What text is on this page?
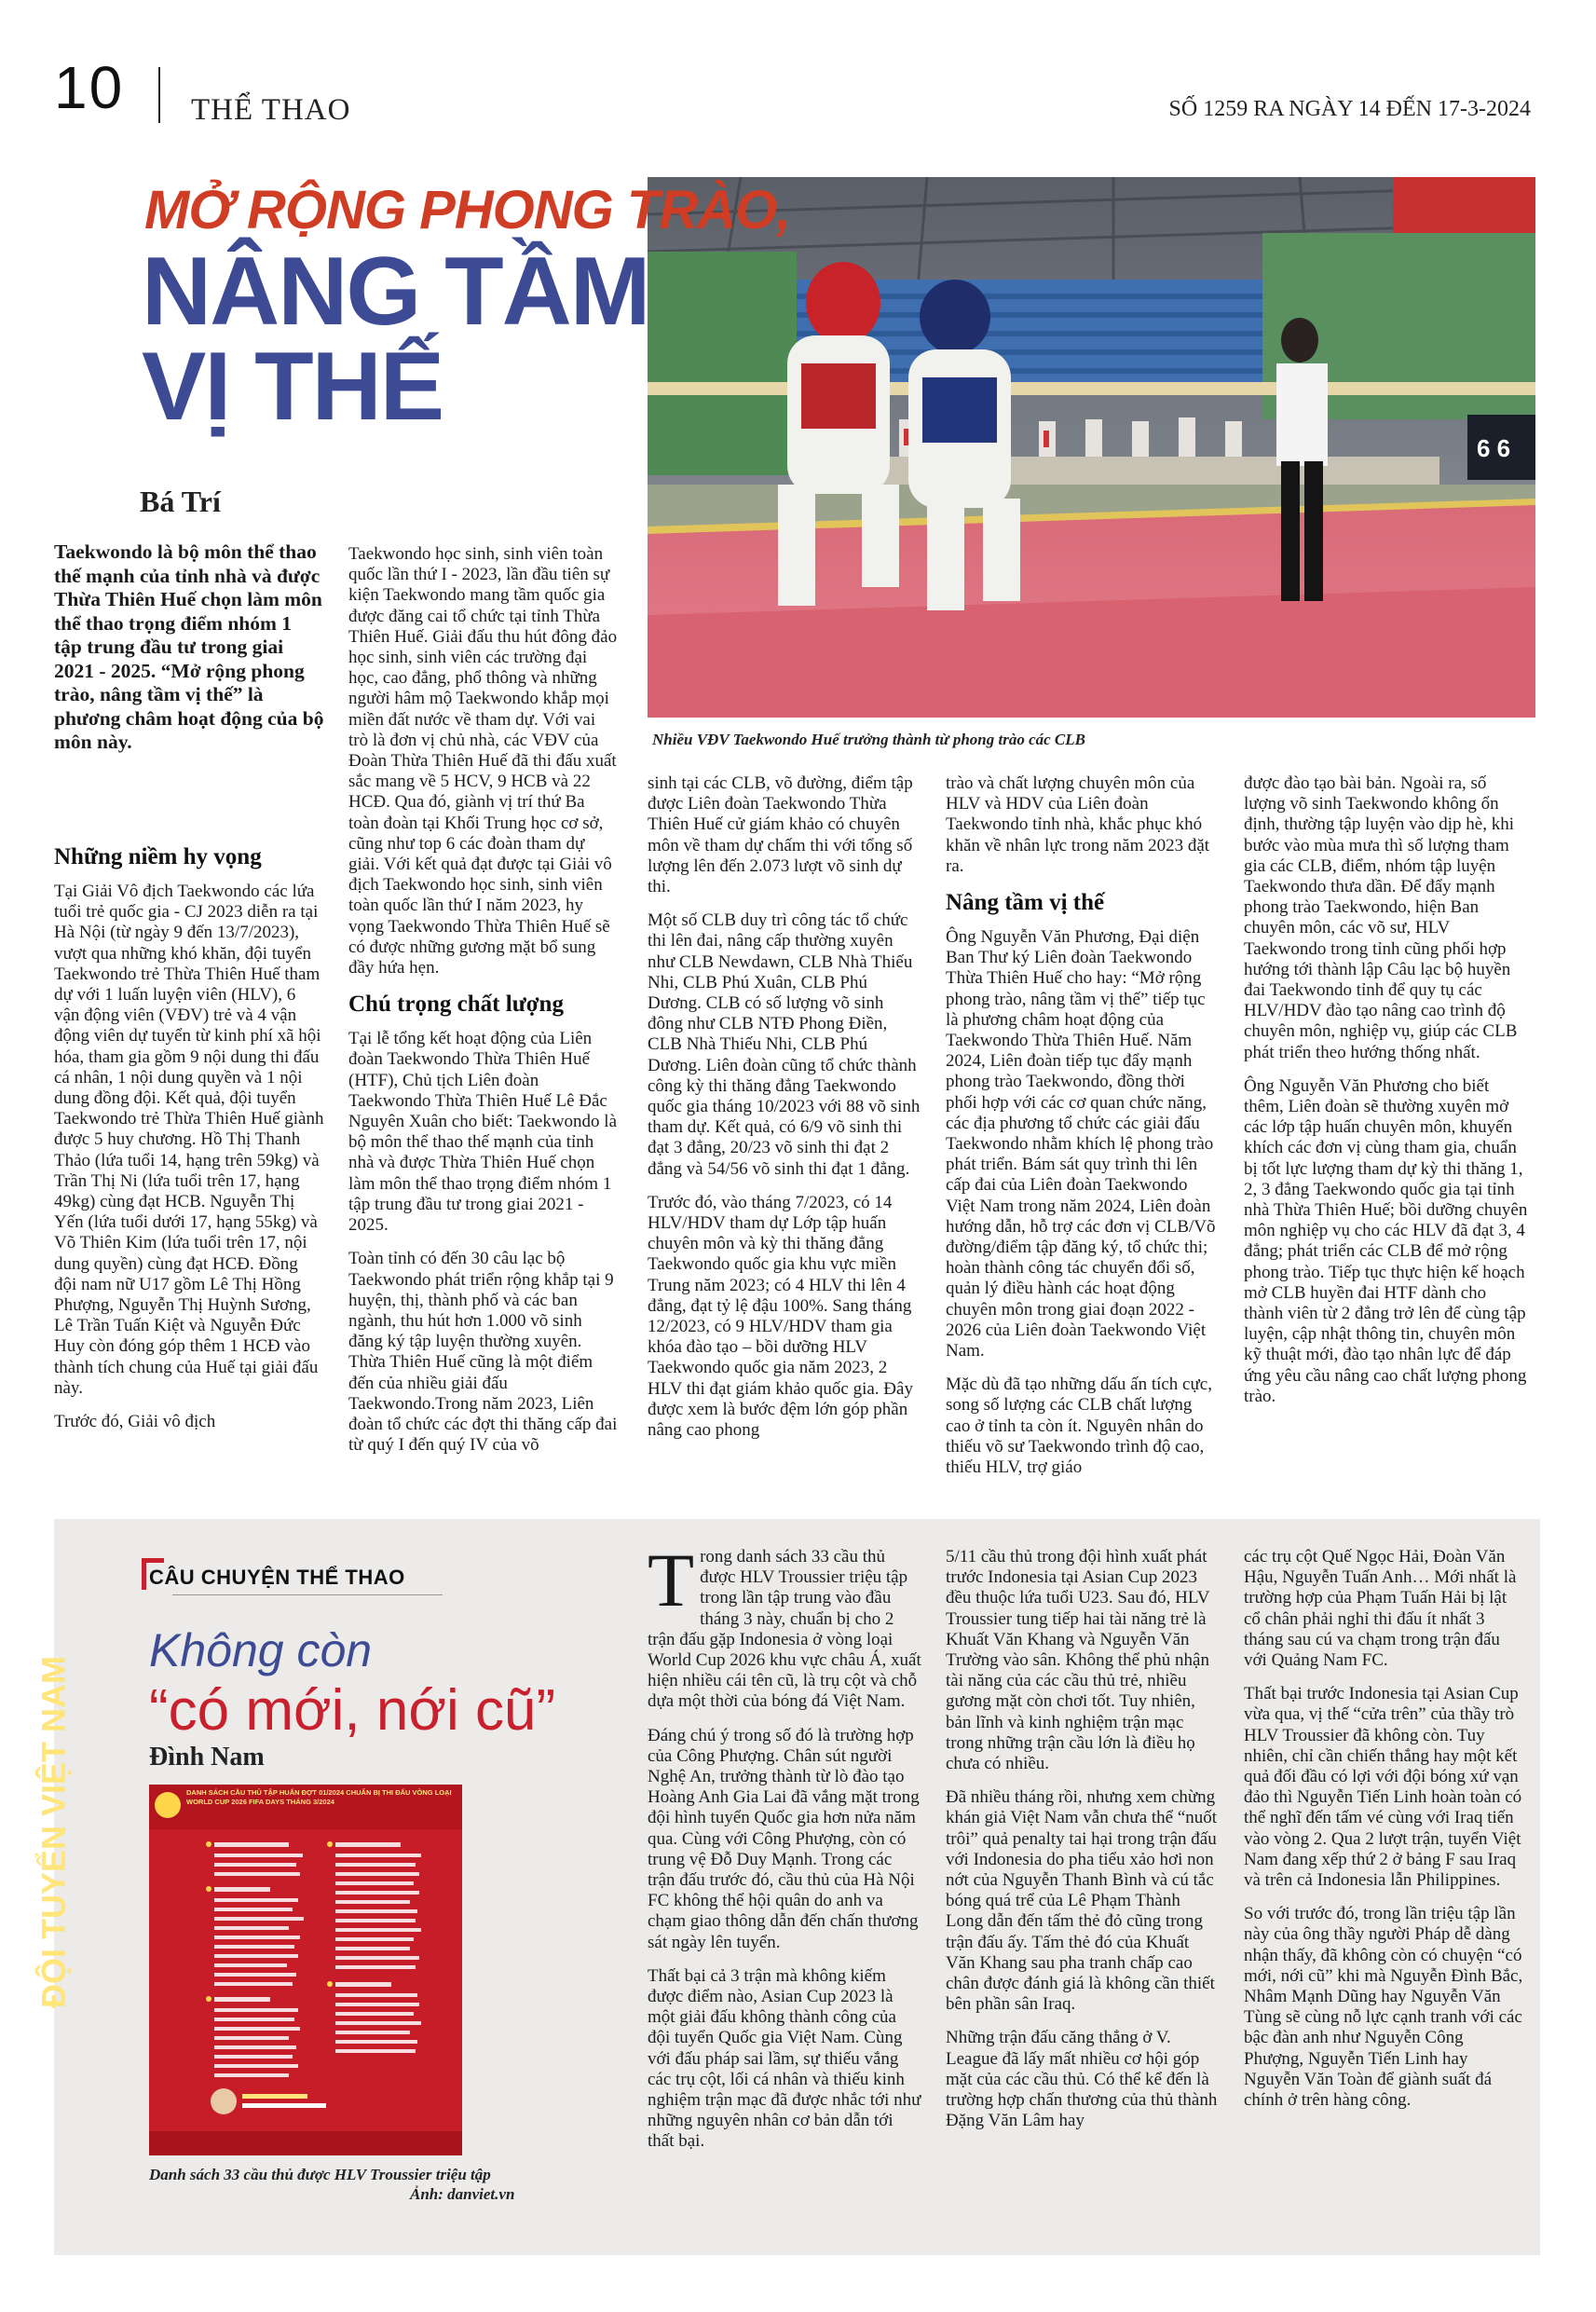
10 THỂ THAO	SỐ 1259 RA NGÀY 14 ĐẾN 17-3-2024
6 6
Nhiều VĐV Taekwondo Huế trưởng thành từ phong trào các CLB
MỞ RỘNG PHONG TRÀO,
NÂNG TẦM
VỊ THẾ
Bá Trí
Taekwondo là bộ môn thể thao thế mạnh của tỉnh nhà và được Thừa Thiên Huế chọn làm môn thể thao trọng điểm nhóm 1 tập trung đầu tư trong giai 2021 - 2025. “Mở rộng phong trào, nâng tầm vị thế” là phương châm hoạt động của bộ môn này.
Những niềm hy vọng

Tại Giải Vô địch Taekwondo các lứa tuổi trẻ quốc gia - CJ 2023 diễn ra tại Hà Nội (từ ngày 9 đến 13/7/2023), vượt qua những khó khăn, đội tuyển Taekwondo trẻ Thừa Thiên Huế tham dự với 1 luấn luyện viên (HLV), 6 vận động viên (VĐV) trẻ và 4 vận động viên dự tuyển từ kinh phí xã hội hóa, tham gia gồm 9 nội dung thi đấu cá nhân, 1 nội dung quyền và 1 nội dung đồng đội. Kết quả, đội tuyển Taekwondo trẻ Thừa Thiên Huế giành được 5 huy chương. Hồ Thị Thanh Thảo (lứa tuổi 14, hạng trên 59kg) và Trần Thị Ni (lứa tuổi trên 17, hạng 49kg) cùng đạt HCB. Nguyễn Thị Yến (lứa tuổi dưới 17, hạng 55kg) và Võ Thiên Kim (lứa tuổi trên 17, nội dung quyền) cùng đạt HCĐ. Đồng đội nam nữ U17 gồm Lê Thị Hồng Phượng, Nguyễn Thị Huỳnh Sương, Lê Trần Tuấn Kiệt và Nguyễn Đức Huy còn đóng góp thêm 1 HCĐ vào thành tích chung của Huế tại giải đấu này.

Trước đó, Giải vô địch

Taekwondo học sinh, sinh viên toàn quốc lần thứ I - 2023, lần đầu tiên sự kiện Taekwondo mang tầm quốc gia được đăng cai tổ chức tại tỉnh Thừa Thiên Huế. Giải đấu thu hút đông đảo học sinh, sinh viên các trường đại học, cao đẳng, phổ thông và những người hâm mộ Taekwondo khắp mọi miền đất nước về tham dự. Với vai trò là đơn vị chủ nhà, các VĐV của Đoàn Thừa Thiên Huế đã thi đấu xuất sắc mang về 5 HCV, 9 HCB và 22 HCĐ. Qua đó, giành vị trí thứ Ba toàn đoàn tại Khối Trung học cơ sở, cũng như top 6 các đoàn tham dự giải. Với kết quả đạt được tại Giải vô địch Taekwondo học sinh, sinh viên toàn quốc lần thứ I năm 2023, hy vọng Taekwondo Thừa Thiên Huế sẽ có được những gương mặt bổ sung đầy hứa hẹn.

Chú trọng chất lượng

Tại lễ tổng kết hoạt động của Liên đoàn Taekwondo Thừa Thiên Huế (HTF), Chủ tịch Liên đoàn Taekwondo Thừa Thiên Huế Lê Đắc Nguyên Xuân cho biết: Taekwondo là bộ môn thể thao thế mạnh của tỉnh nhà và được Thừa Thiên Huế chọn làm môn thể thao trọng điểm nhóm 1 tập trung đầu tư trong giai 2021 - 2025.

Toàn tỉnh có đến 30 câu lạc bộ Taekwondo phát triển rộng khắp tại 9 huyện, thị, thành phố và các ban ngành, thu hút hơn 1.000 võ sinh đăng ký tập luyện thường xuyên. Thừa Thiên Huế cũng là một điểm đến của nhiều giải đấu Taekwondo.Trong năm 2023, Liên đoàn tổ chức các đợt thi thăng cấp đai từ quý I đến quý IV của võ

sinh tại các CLB, võ đường, điểm tập được Liên đoàn Taekwondo Thừa Thiên Huế cử giám khảo có chuyên môn về tham dự chấm thi với tổng số lượng lên đến 2.073 lượt võ sinh dự thi.

Một số CLB duy trì công tác tổ chức thi lên đai, nâng cấp thường xuyên như CLB Newdawn, CLB Nhà Thiếu Nhi, CLB Phú Xuân, CLB Phú Dương. CLB có số lượng võ sinh đông như CLB NTĐ Phong Điền, CLB Nhà Thiếu Nhi, CLB Phú Dương. Liên đoàn cũng tổ chức thành công kỳ thi thăng đẳng Taekwondo quốc gia tháng 10/2023 với 88 võ sinh tham dự. Kết quả, có 6/9 võ sinh thi đạt 3 đẳng, 20/23 võ sinh thi đạt 2 đẳng và 54/56 võ sinh thi đạt 1 đẳng.

Trước đó, vào tháng 7/2023, có 14 HLV/HDV tham dự Lớp tập huấn chuyên môn và kỳ thi thăng đẳng Taekwondo quốc gia khu vực miền Trung năm 2023; có 4 HLV thi lên 4 đẳng, đạt tỷ lệ đậu 100%. Sang tháng 12/2023, có 9 HLV/HDV tham gia khóa đào tạo – bồi dưỡng HLV Taekwondo quốc gia năm 2023, 2 HLV thi đạt giám khảo quốc gia. Đây được xem là bước đệm lớn góp phần nâng cao phong

trào và chất lượng chuyên môn của HLV và HDV của Liên đoàn Taekwondo tỉnh nhà, khắc phục khó khăn về nhân lực trong năm 2023 đặt ra.

Nâng tầm vị thế

Ông Nguyễn Văn Phương, Đại diện Ban Thư ký Liên đoàn Taekwondo Thừa Thiên Huế cho hay: “Mở rộng phong trào, nâng tầm vị thế” tiếp tục là phương châm hoạt động của Taekwondo Thừa Thiên Huế. Năm 2024, Liên đoàn tiếp tục đẩy mạnh phong trào Taekwondo, đồng thời phối hợp với các cơ quan chức năng, các địa phương tổ chức các giải đấu Taekwondo nhằm khích lệ phong trào phát triển. Bám sát quy trình thi lên cấp đai của Liên đoàn Taekwondo Việt Nam trong năm 2024, Liên đoàn hướng dẫn, hỗ trợ các đơn vị CLB/Võ đường/điểm tập đăng ký, tổ chức thi; hoàn thành công tác chuyển đổi số, quản lý điều hành các hoạt động chuyên môn trong giai đoạn 2022 - 2026 của Liên đoàn Taekwondo Việt Nam.

Mặc dù đã tạo những dấu ấn tích cực, song số lượng các CLB chất lượng cao ở tỉnh ta còn ít. Nguyên nhân do thiếu võ sư Taekwondo trình độ cao, thiếu HLV, trợ giáo

được đào tạo bài bản. Ngoài ra, số lượng võ sinh Taekwondo không ổn định, thường tập luyện vào dịp hè, khi bước vào mùa mưa thì số lượng tham gia các CLB, điểm, nhóm tập luyện Taekwondo thưa dần. Để đẩy mạnh phong trào Taekwondo, hiện Ban chuyên môn, các võ sư, HLV Taekwondo trong tỉnh cũng phối hợp hướng tới thành lập Câu lạc bộ huyền đai Taekwondo tỉnh để quy tụ các HLV/HDV đào tạo nâng cao trình độ chuyên môn, nghiệp vụ, giúp các CLB phát triển theo hướng thống nhất.

Ông Nguyễn Văn Phương cho biết thêm, Liên đoàn sẽ thường xuyên mở các lớp tập huấn chuyên môn, khuyến khích các đơn vị cùng tham gia, chuẩn bị tốt lực lượng tham dự kỳ thi thăng 1, 2, 3 đẳng Taekwondo quốc gia tại tỉnh nhà Thừa Thiên Huế; bồi dưỡng chuyên môn nghiệp vụ cho các HLV đã đạt 3, 4 đẳng; phát triển các CLB để mở rộng phong trào. Tiếp tục thực hiện kế hoạch mở CLB huyền đai HTF dành cho thành viên từ 2 đẳng trở lên để cùng tập luyện, cập nhật thông tin, chuyên môn kỹ thuật mới, đào tạo nhân lực để đáp ứng yêu cầu nâng cao chất lượng phong trào.

CÂU CHUYỆN THỂ THAO
Không còn
“có mới, nới cũ”
Đình Nam
DANH SÁCH CẦU THỦ TẬP HUẤN ĐỢT 01/2024 CHUẨN BỊ THI ĐẤU VÒNG LOẠI WORLD CUP 2026 FIFA DAYS THÁNG 3/2024
ĐỘI TUYỂN VIỆT NAM
Danh sách 33 cầu thủ được HLV Troussier triệu tập
Ảnh: danviet.vn

Trong danh sách 33 cầu thủ được HLV Troussier triệu tập trong lần tập trung vào đầu tháng 3 này, chuẩn bị cho 2 trận đấu gặp Indonesia ở vòng loại World Cup 2026 khu vực châu Á, xuất hiện nhiều cái tên cũ, là trụ cột và chỗ dựa một thời của bóng đá Việt Nam.

Đáng chú ý trong số đó là trường hợp của Công Phượng. Chân sút người Nghệ An, trưởng thành từ lò đào tạo Hoàng Anh Gia Lai đã vắng mặt trong đội hình tuyển Quốc gia hơn nửa năm qua. Cùng với Công Phượng, còn có trung vệ Đỗ Duy Mạnh. Trong các trận đấu trước đó, cầu thủ của Hà Nội FC không thể hội quân do anh va chạm giao thông dẫn đến chấn thương sát ngày lên tuyển.

Thất bại cả 3 trận mà không kiếm được điểm nào, Asian Cup 2023 là một giải đấu không thành công của đội tuyển Quốc gia Việt Nam. Cùng với đấu pháp sai lầm, sự thiếu vắng các trụ cột, lối cá nhân và thiếu kinh nghiệm trận mạc đã được nhắc tới như những nguyên nhân cơ bản dẫn tới thất bại.

5/11 cầu thủ trong đội hình xuất phát trước Indonesia tại Asian Cup 2023 đều thuộc lứa tuổi U23. Sau đó, HLV Troussier tung tiếp hai tài năng trẻ là Khuất Văn Khang và Nguyễn Văn Trường vào sân. Không thể phủ nhận tài năng của các cầu thủ trẻ, nhiều gương mặt còn chơi tốt. Tuy nhiên, bản lĩnh và kinh nghiệm trận mạc trong những trận cầu lớn là điều họ chưa có nhiều.

Đã nhiều tháng rồi, nhưng xem chừng khán giả Việt Nam vẫn chưa thể “nuốt trôi” quả penalty tai hại trong trận đấu với Indonesia do pha tiểu xảo hơi non nớt của Nguyễn Thanh Bình và cú tắc bóng quá trể của Lê Phạm Thành Long dẫn đến tấm thẻ đỏ cũng trong trận đấu ấy. Tấm thẻ đó của Khuất Văn Khang sau pha tranh chấp cao chân được đánh giá là không cần thiết bên phần sân Iraq.

Những trận đấu căng thẳng ở V. League đã lấy mất nhiều cơ hội góp mặt của các cầu thủ. Có thể kể đến là trường hợp chấn thương của thủ thành Đặng Văn Lâm hay

các trụ cột Quế Ngọc Hải, Đoàn Văn Hậu, Nguyễn Tuấn Anh… Mới nhất là trường hợp của Phạm Tuấn Hải bị lật cổ chân phải nghỉ thi đấu ít nhất 3 tháng sau cú va chạm trong trận đấu với Quảng Nam FC.

Thất bại trước Indonesia tại Asian Cup vừa qua, vị thế “cửa trên” của thầy trò HLV Troussier đã không còn. Tuy nhiên, chỉ cần chiến thắng hay một kết quả đối đầu có lợi với đội bóng xứ vạn đảo thì Nguyễn Tiến Linh hoàn toàn có thể nghĩ đến tấm vé cùng với Iraq tiến vào vòng 2. Qua 2 lượt trận, tuyển Việt Nam đang xếp thứ 2 ở bảng F sau Iraq và trên cả Indonesia lẫn Philippines.

So với trước đó, trong lần triệu tập lần này của ông thầy người Pháp dễ dàng nhận thấy, đã không còn có chuyện “có mới, nới cũ” khi mà Nguyễn Đình Bắc, Nhâm Mạnh Dũng hay Nguyễn Văn Tùng sẽ cùng nỗ lực cạnh tranh với các bậc đàn anh như Nguyễn Công Phượng, Nguyễn Tiến Linh hay Nguyễn Văn Toàn để giành suất đá chính ở trên hàng công.
